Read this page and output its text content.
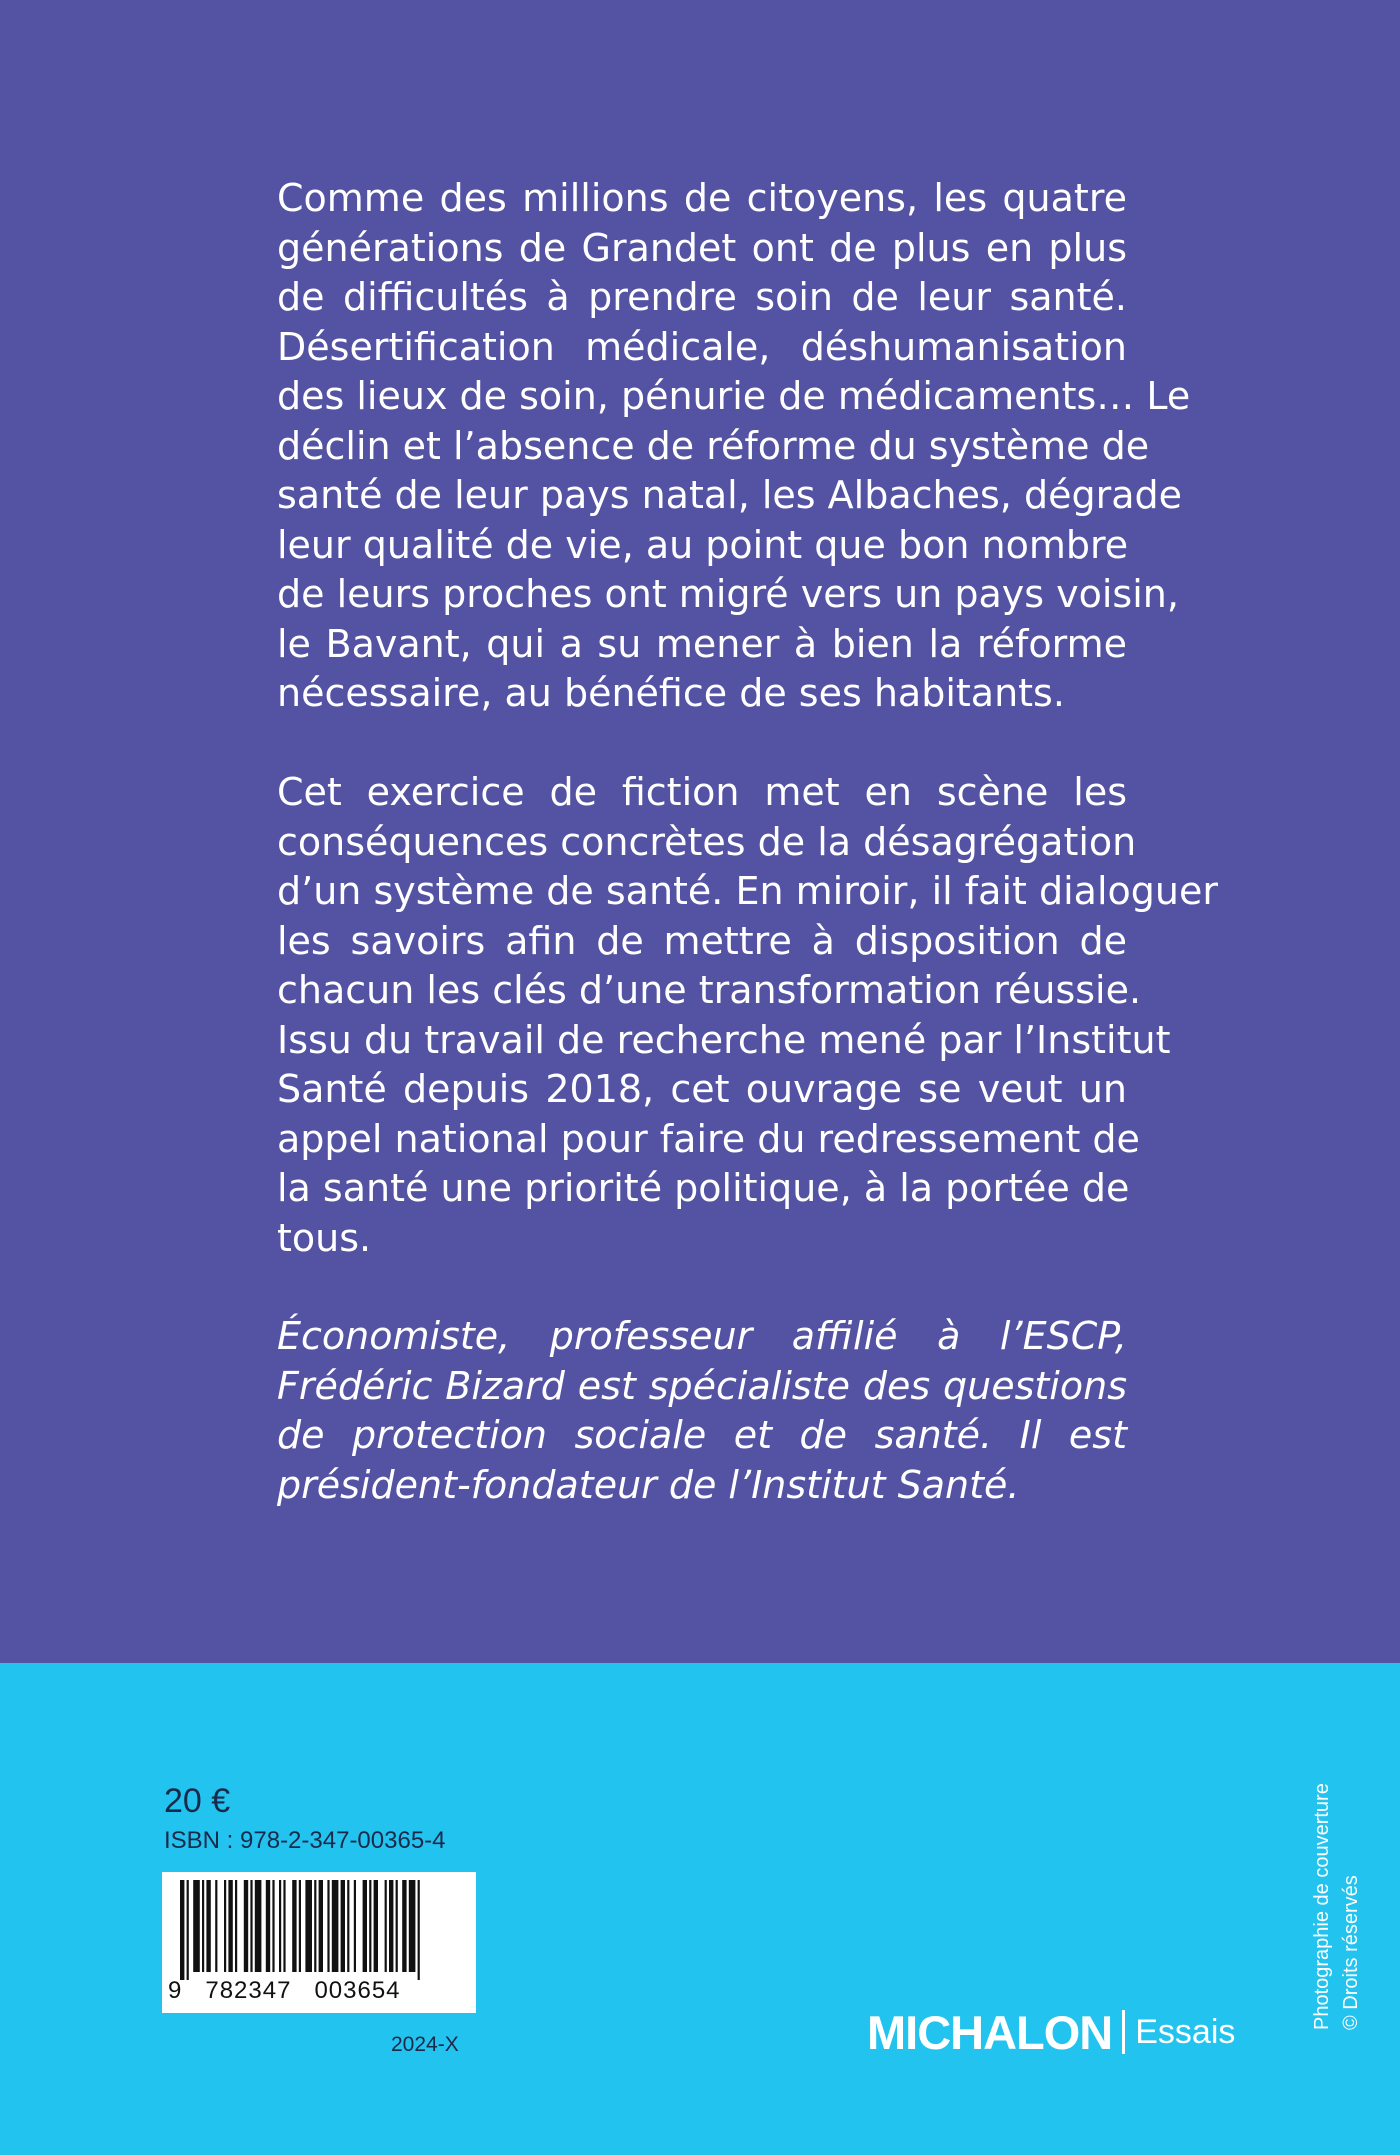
Comme des millions de citoyens, les quatre
générations de Grandet ont de plus en plus
de difficultés à prendre soin de leur santé.
Désertification médicale, déshumanisation
des lieux de soin, pénurie de médicaments… Le
déclin et l’absence de réforme du système de
santé de leur pays natal, les Albaches, dégrade
leur qualité de vie, au point que bon nombre
de leurs proches ont migré vers un pays voisin,
le Bavant, qui a su mener à bien la réforme
nécessaire, au bénéfice de ses habitants.
Cet exercice de fiction met en scène les
conséquences concrètes de la désagrégation
d’un système de santé. En miroir, il fait dialoguer
les savoirs afin de mettre à disposition de
chacun les clés d’une transformation réussie.
Issu du travail de recherche mené par l’Institut
Santé depuis 2018, cet ouvrage se veut un
appel national pour faire du redressement de
la santé une priorité politique, à la portée de
tous.
Économiste, professeur affilié à l’ESCP,
Frédéric Bizard est spécialiste des questions
de protection sociale et de santé. Il est
président-fondateur de l’Institut Santé.
20 €
ISBN : 978-2-347-00365-4
9   782347   003654
2024-X	MICHALON Essais
Photographie de couverture © Droits réservés
